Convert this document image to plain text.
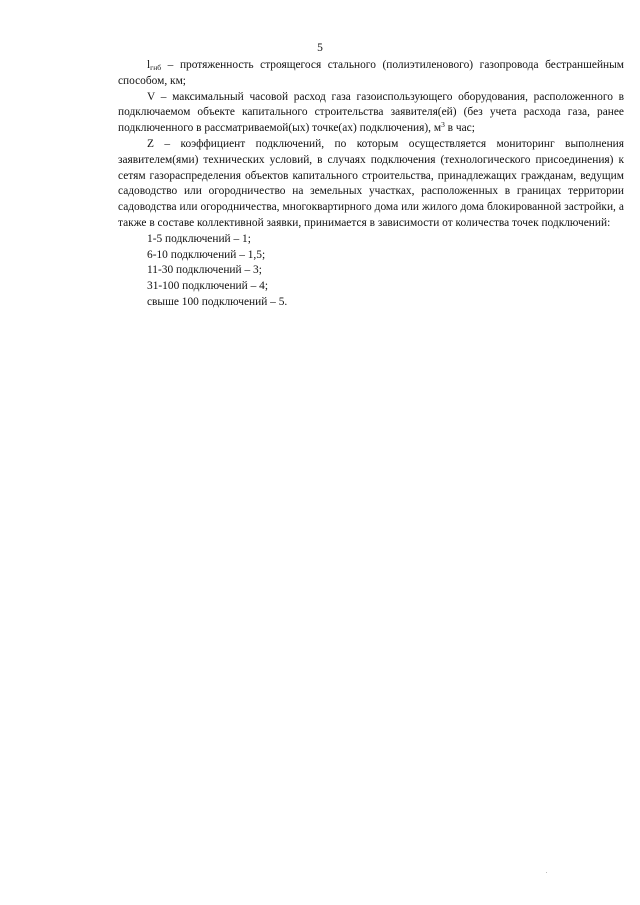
5

$l_{гнб}$ – протяженность строящегося стального (полиэтиленового) газопровода бестраншейным способом, км;

V – максимальный часовой расход газа газоиспользующего оборудования, расположенного в подключаемом объекте капитального строительства заявителя(ей) (без учета расхода газа, ранее подключенного в рассматриваемой(ых) точке(ах) подключения), $м^3$ в час;

Z – коэффициент подключений, по которым осуществляется мониторинг выполнения заявителем(ями) технических условий, в случаях подключения (технологического присоединения) к сетям газораспределения объектов капитального строительства, принадлежащих гражданам, ведущим садоводство или огородничество на земельных участках, расположенных в границах территории садоводства или огородничества, многоквартирного дома или жилого дома блокированной застройки, а также в составе коллективной заявки, принимается в зависимости от количества точек подключений:

1-5 подключений – 1;
6-10 подключений – 1,5;
11-30 подключений – 3;
31-100 подключений – 4;
свыше 100 подключений – 5.
